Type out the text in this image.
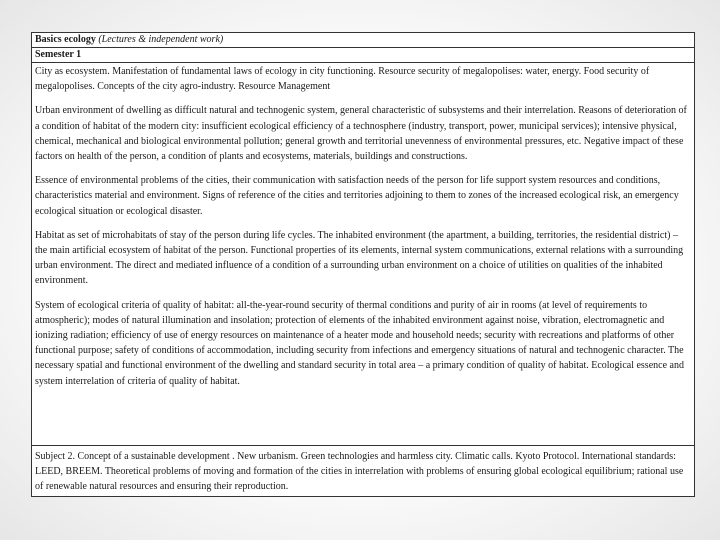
Basics ecology (Lectures & independent work)
Semester 1

City as ecosystem. Manifestation of fundamental laws of ecology in city functioning. Resource security of megalopolises: water, energy. Food security of megalopolises. Concepts of the city agro-industry. Resource Management

Urban environment of dwelling as difficult natural and technogenic system, general characteristic of subsystems and their interrelation. Reasons of deterioration of a condition of habitat of the modern city: insufficient ecological efficiency of a technosphere (industry, transport, power, municipal services); intensive physical, chemical, mechanical and biological environmental pollution; general growth and territorial unevenness of environmental pressures, etc. Negative impact of these factors on health of the person, a condition of plants and ecosystems, materials, buildings and constructions.

Essence of environmental problems of the cities, their communication with satisfaction needs of the person for life support system resources and conditions, characteristics material and environment. Signs of reference of the cities and territories adjoining to them to zones of the increased ecological risk, an emergency ecological situation or ecological disaster.

Habitat as set of microhabitats of stay of the person during life cycles. The inhabited environment (the apartment, a building, territories, the residential district) – the main artificial ecosystem of habitat of the person. Functional properties of its elements, internal system communications, external relations with a surrounding urban environment. The direct and mediated influence of a condition of a surrounding urban environment on a choice of utilities on qualities of the inhabited environment.

System of ecological criteria of quality of habitat: all-the-year-round security of thermal conditions and purity of air in rooms (at level of requirements to atmospheric); modes of natural illumination and insolation; protection of elements of the inhabited environment against noise, vibration, electromagnetic and ionizing radiation; efficiency of use of energy resources on maintenance of a heater mode and household needs; security with recreations and platforms of other functional purpose; safety of conditions of accommodation, including security from infections and emergency situations of natural and technogenic character. The necessary spatial and functional environment of the dwelling and standard security in total area – a primary condition of quality of habitat. Ecological essence and system interrelation of criteria of quality of habitat.

Subject 2. Concept of a sustainable development . New urbanism. Green technologies and harmless city. Climatic calls. Kyoto Protocol. International standards: LEED, BREEM. Theoretical problems of moving and formation of the cities in interrelation with problems of ensuring global ecological equilibrium; rational use of renewable natural resources and ensuring their reproduction.
